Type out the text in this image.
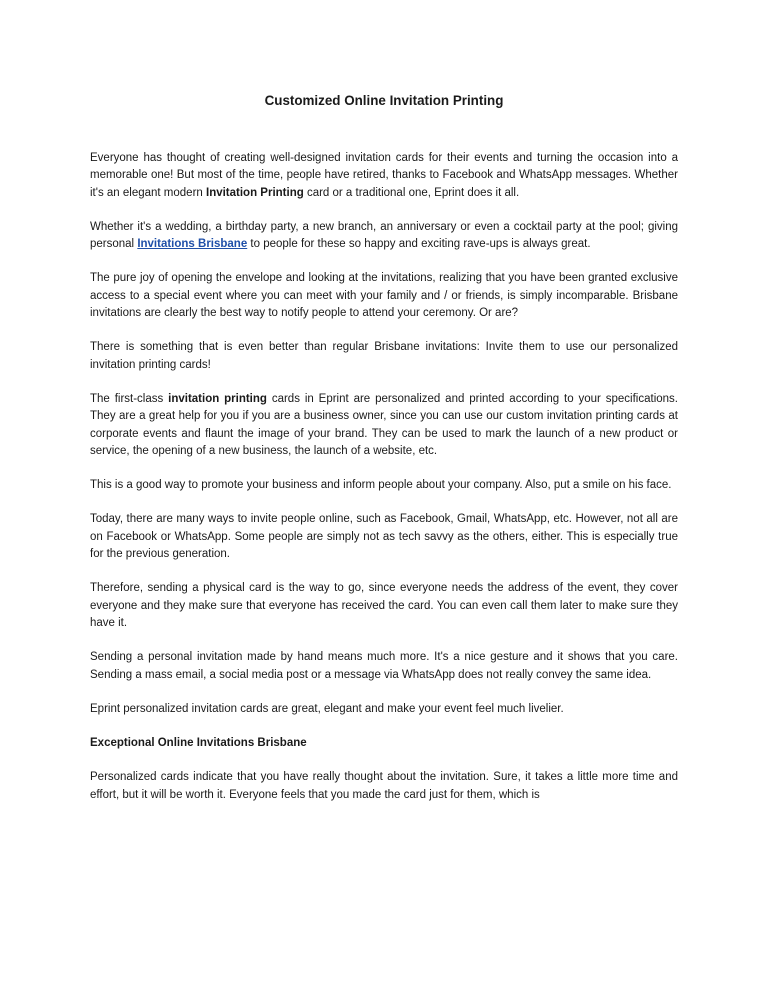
Customized Online Invitation Printing

Everyone has thought of creating well-designed invitation cards for their events and turning the occasion into a memorable one! But most of the time, people have retired, thanks to Facebook and WhatsApp messages. Whether it's an elegant modern Invitation Printing card or a traditional one, Eprint does it all.

Whether it's a wedding, a birthday party, a new branch, an anniversary or even a cocktail party at the pool; giving personal Invitations Brisbane to people for these so happy and exciting rave-ups is always great.

The pure joy of opening the envelope and looking at the invitations, realizing that you have been granted exclusive access to a special event where you can meet with your family and / or friends, is simply incomparable. Brisbane invitations are clearly the best way to notify people to attend your ceremony. Or are?

There is something that is even better than regular Brisbane invitations: Invite them to use our personalized invitation printing cards!

The first-class invitation printing cards in Eprint are personalized and printed according to your specifications. They are a great help for you if you are a business owner, since you can use our custom invitation printing cards at corporate events and flaunt the image of your brand. They can be used to mark the launch of a new product or service, the opening of a new business, the launch of a website, etc.

This is a good way to promote your business and inform people about your company. Also, put a smile on his face.

Today, there are many ways to invite people online, such as Facebook, Gmail, WhatsApp, etc. However, not all are on Facebook or WhatsApp. Some people are simply not as tech savvy as the others, either. This is especially true for the previous generation.

Therefore, sending a physical card is the way to go, since everyone needs the address of the event, they cover everyone and they make sure that everyone has received the card. You can even call them later to make sure they have it.

Sending a personal invitation made by hand means much more. It's a nice gesture and it shows that you care. Sending a mass email, a social media post or a message via WhatsApp does not really convey the same idea.

Eprint personalized invitation cards are great, elegant and make your event feel much livelier.

Exceptional Online Invitations Brisbane

Personalized cards indicate that you have really thought about the invitation. Sure, it takes a little more time and effort, but it will be worth it. Everyone feels that you made the card just for them, which is
